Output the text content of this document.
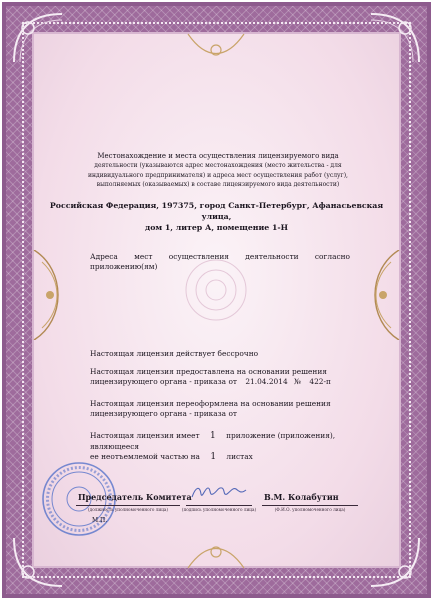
Местонахождение и места осуществления лицензируемого вида
деятельности (указываются адрес местонахождения (место жительства - для
индивидуального предпринимателя) и адреса мест осуществления работ (услуг),
выполняемых (оказываемых) в составе лицензируемого вида деятельности)
Российская Федерация, 197375, город Санкт-Петербург, Афанасьевская улица,
дом 1, литер А, помещение 1-Н
Адреса мест осуществления деятельности согласно
приложению(ям)
Настоящая лицензия действует бессрочно
Настоящая лицензия предоставлена на основании решения
лицензирующего органа - приказа от 21.04.2014 № 422-п
Настоящая лицензия переоформлена на основании решения
лицензирующего органа - приказа от
Настоящая лицензия имеет 1 приложение (приложения), являющееся
ее неотъемлемой частью на 1 листах
Председатель Комитета
(должность уполномоченного лица)	(подпись уполномоченного лица)
В.М. Колабутин
(Ф.И.О. уполномоченного лица)
М.П.
